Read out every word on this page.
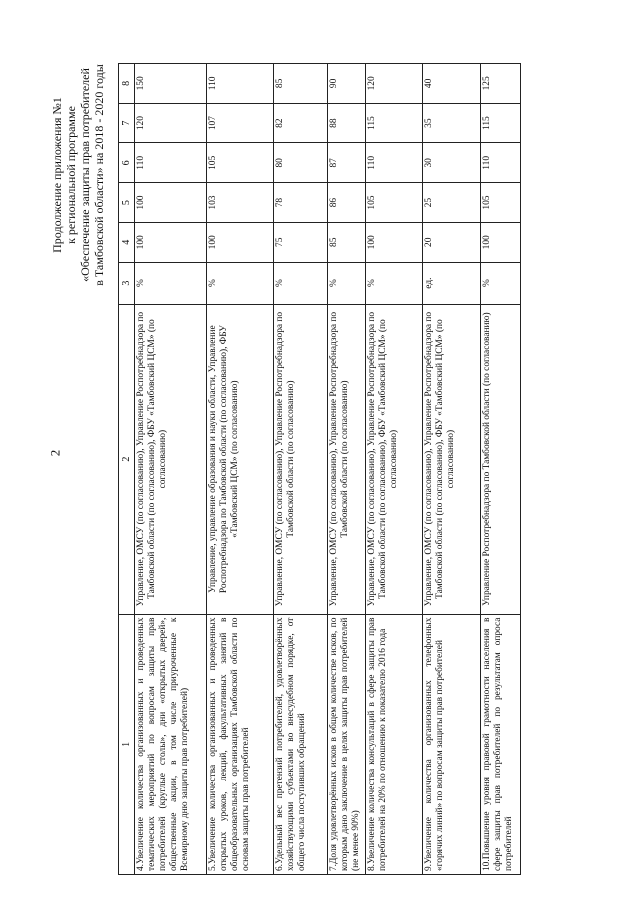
2
Продолжение приложения №1 к региональной программе «Обеспечение защиты прав потребителей в Тамбовской области» на 2018 - 2020 годы
1	2	3	4	5	6	7	8
4.Увеличение количества организованных и проведенных тематических мероприятий по вопросам защиты прав потребителей (круглые столы», дни «открытых дверей», общественные акции, в том числе приуроченные к Всемирному дню защиты прав потребителей)	Управление, ОМСУ (по согласованию), Управление Роспотребнадзора по Тамбовской области (по согласованию), ФБУ «Тамбовский ЦСМ» (по согласованию)	%	100	100	110	120	150
5.Увеличение количества организованных и проведенных открытых уроков, лекций, факультативных занятий в общеобразовательных организациях Тамбовской области по основам защиты прав потребителей	Управление, управление образования и науки области, Управление Роспотребнадзора по Тамбовской области (по согласованию), ФБУ «Тамбовский ЦСМ» (по согласованию)	%	100	103	105	107	110
6.Удельный вес претензий потребителей, удовлетворённых хозяйствующими субъектами во внесудебном порядке, от общего числа поступивших обращений	Управление, ОМСУ (по согласованию), Управление Роспотребнадзора по Тамбовской области (по согласованию)	%	75	78	80	82	85
7.Доля удовлетворённых исков в общем количестве исков, по которым дано заключение в целях защиты прав потребителей (не менее 90%)	Управление, ОМСУ (по согласованию), Управление Роспотребнадзора по Тамбовской области (по согласованию)	%	85	86	87	88	90
8.Увеличение количества консультаций в сфере защиты прав потребителей на 20% по отношению к показателю 2016 года	Управление, ОМСУ (по согласованию), Управление Роспотребнадзора по Тамбовской области (по согласованию), ФБУ «Тамбовский ЦСМ» (по согласованию)	%	100	105	110	115	120
9.Увеличение количества организованных телефонных «горячих линий» по вопросам защиты прав потребителей	Управление, ОМСУ (по согласованию), Управление Роспотребнадзора по Тамбовской области (по согласованию), ФБУ «Тамбовский ЦСМ» (по согласованию)	ед.	20	25	30	35	40
10.Повышение уровня правовой грамотности населения в сфере защиты прав потребителей по результатам опроса потребителей	Управление Роспотребнадзора по Тамбовской области (по согласованию)	%	100	105	110	115	125
